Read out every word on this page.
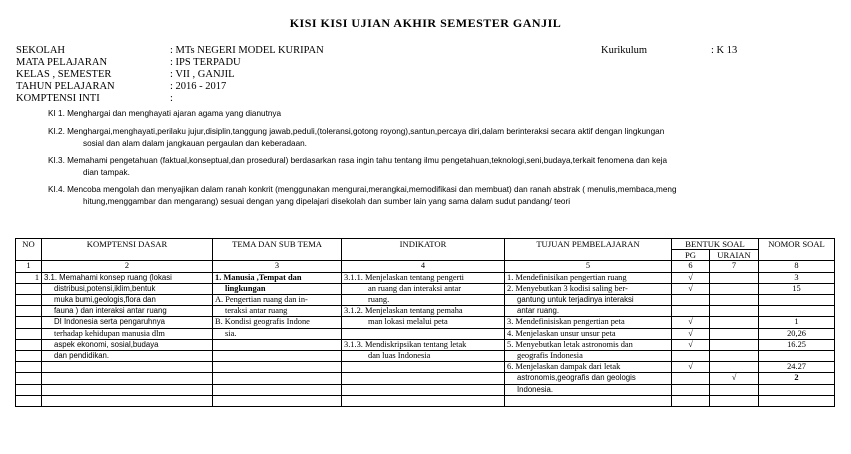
KISI KISI UJIAN AKHIR SEMESTER GANJIL
SEKOLAH	: MTs NEGERI MODEL KURIPAN
MATA PELAJARAN	: IPS TERPADU
KELAS , SEMESTER	: VII , GANJIL
TAHUN PELAJARAN	: 2016 - 2017
KOMPTENSI INTI	:
Kurikulum	: K 13
KI 1. Menghargai dan menghayati ajaran agama yang dianutnya
KI.2. Menghargai,menghayati,perilaku jujur,disiplin,tanggung jawab,peduli,(toleransi,gotong royong),santun,percaya diri,dalam berinteraksi secara aktif dengan lingkungan
sosial dan alam dalam jangkauan pergaulan dan keberadaan.
KI.3. Memahami pengetahuan (faktual,konseptual,dan prosedural) berdasarkan rasa ingin tahu tentang ilmu pengetahuan,teknologi,seni,budaya,terkait fenomena dan keja
dian tampak.
KI.4. Mencoba mengolah dan menyajikan dalam ranah konkrit (menggunakan mengurai,merangkai,memodifikasi dan membuat) dan ranah abstrak ( menulis,membaca,meng
hitung,menggambar dan mengarang) sesuai dengan yang dipelajari disekolah dan sumber lain yang sama dalam sudut pandang/ teori
NO	KOMPTENSI DASAR	TEMA DAN SUB TEMA	INDIKATOR	TUJUAN PEMBELAJARAN	BENTUK SOAL		NOMOR SOAL
					PG	URAIAN	
1	2	3	4	5	6	7	8
1	3.1. Memahami konsep ruang (lokasi	1. Manusia ,Tempat dan	3.1.1. Menjelaskan tentang pengerti	1. Mendefinisikan pengertian ruang	√		3
	distribusi,potensi,iklim,bentuk	lingkungan	an ruang dan interaksi antar	2. Menyebutkan 3 kodisi saling ber-	√		15
	muka bumi,geologis,flora dan	A. Pengertian ruang dan in-	ruang.	gantung untuk terjadinya interaksi			
	fauna ) dan interaksi antar ruang	teraksi antar ruang	3.1.2. Menjelaskan tentang pemaha	antar ruang.			
	DI Indonesia serta pengaruhnya	B. Kondisi geografis Indone	man lokasi melalui peta	3. Mendefinisiskan pengertian peta	√		1
	terhadap kehidupan manusia dlm	sia.		4. Menjelaskan unsur unsur peta	√		20,26
	aspek ekonomi, sosial,budaya		3.1.3. Mendiskripsikan tentang letak	5. Menyebutkan letak astronomis dan	√		16.25
	dan pendidikan.		dan luas Indonesia	geografis Indonesia			
				6. Menjelaskan dampak dari letak	√		24.27
				astronomis,geografis dan geologis		√	2
				Indonesia.			
